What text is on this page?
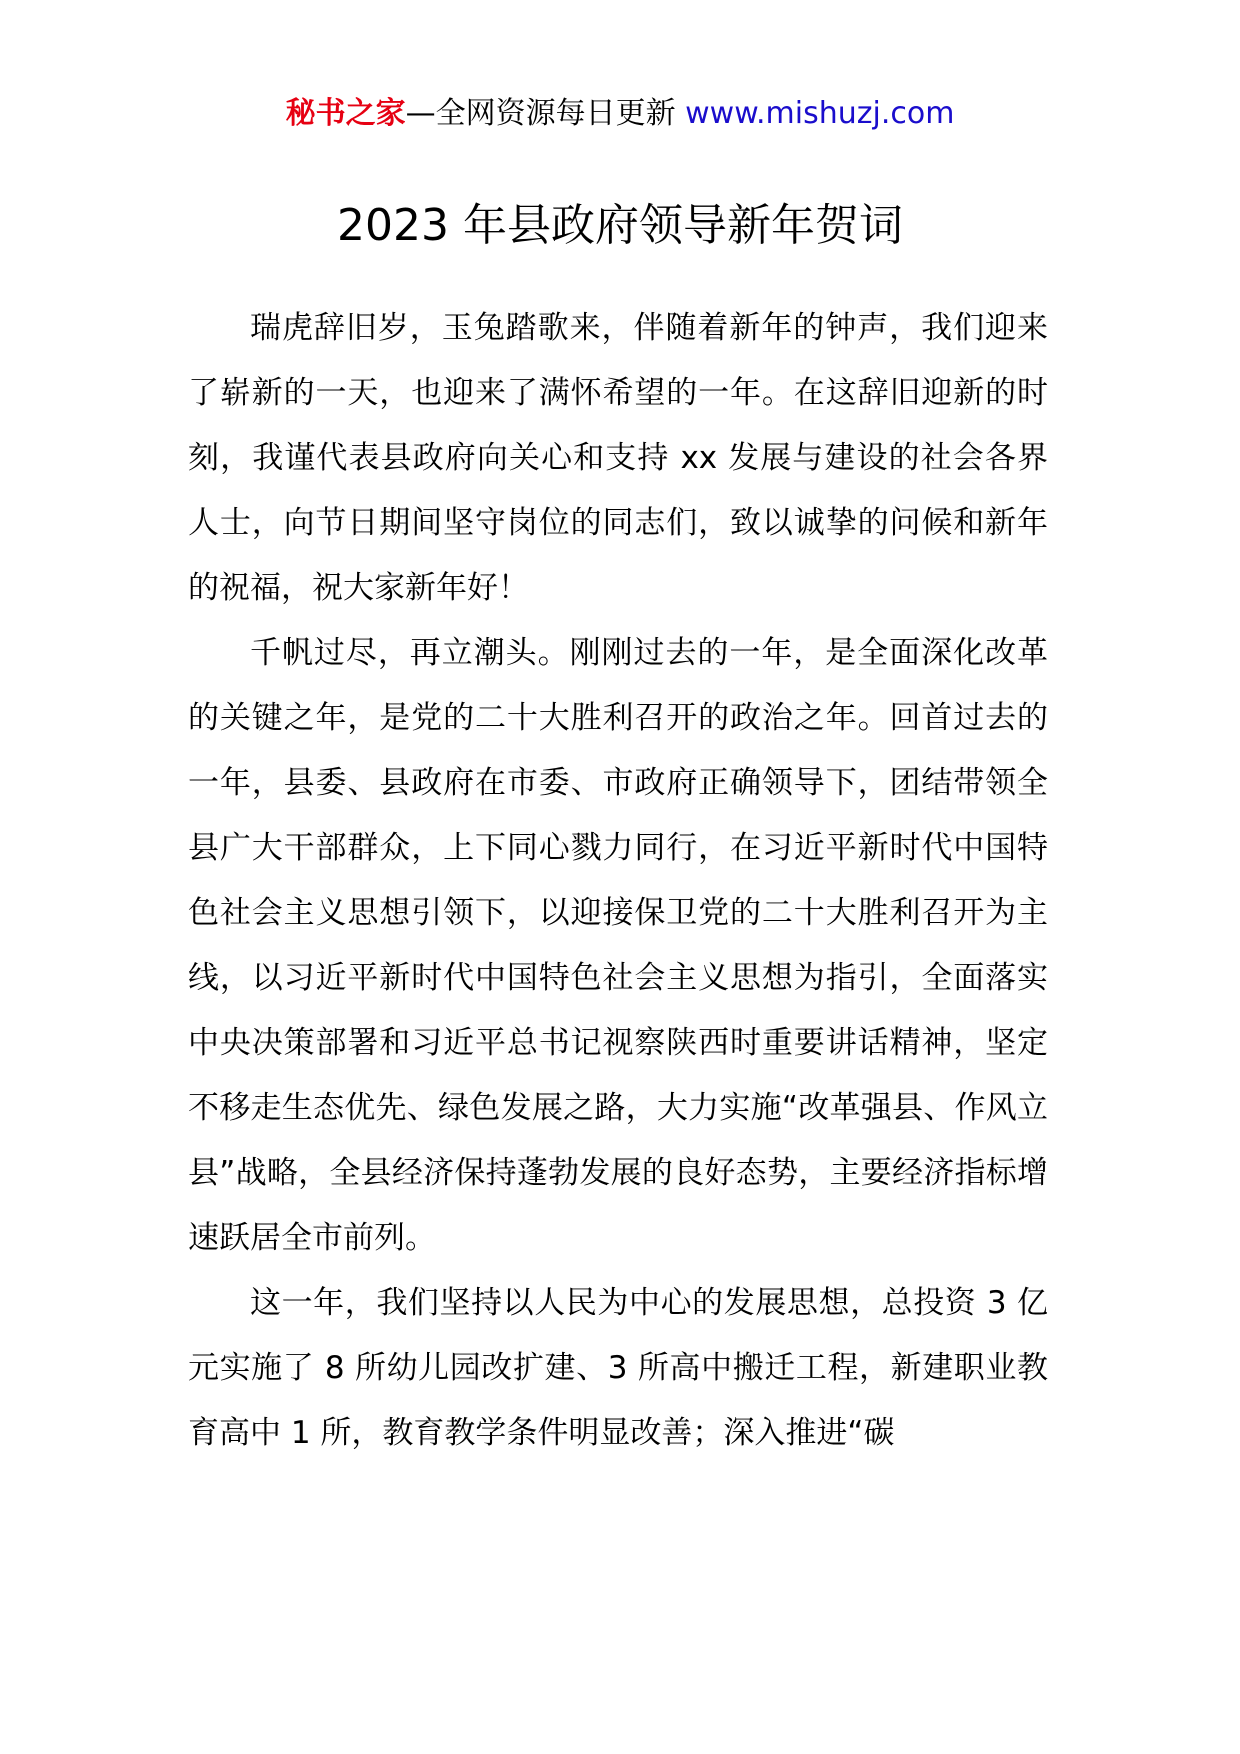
秘书之家—全网资源每日更新 www.mishuzj.com
2023 年县政府领导新年贺词

瑞虎辞旧岁，玉兔踏歌来，伴随着新年的钟声，我们迎来了崭新的一天，也迎来了满怀希望的一年。在这辞旧迎新的时刻，我谨代表县政府向关心和支持 xx 发展与建设的社会各界人士，向节日期间坚守岗位的同志们，致以诚挚的问候和新年的祝福，祝大家新年好！

千帆过尽，再立潮头。刚刚过去的一年，是全面深化改革的关键之年，是党的二十大胜利召开的政治之年。回首过去的一年，县委、县政府在市委、市政府正确领导下，团结带领全县广大干部群众，上下同心戮力同行，在习近平新时代中国特色社会主义思想引领下，以迎接保卫党的二十大胜利召开为主线，以习近平新时代中国特色社会主义思想为指引，全面落实中央决策部署和习近平总书记视察陕西时重要讲话精神，坚定不移走生态优先、绿色发展之路，大力实施“改革强县、作风立县”战略，全县经济保持蓬勃发展的良好态势，主要经济指标增速跃居全市前列。

这一年，我们坚持以人民为中心的发展思想，总投资 3 亿元实施了 8 所幼儿园改扩建、3 所高中搬迁工程，新建职业教育高中 1 所，教育教学条件明显改善；深入推进“碳
